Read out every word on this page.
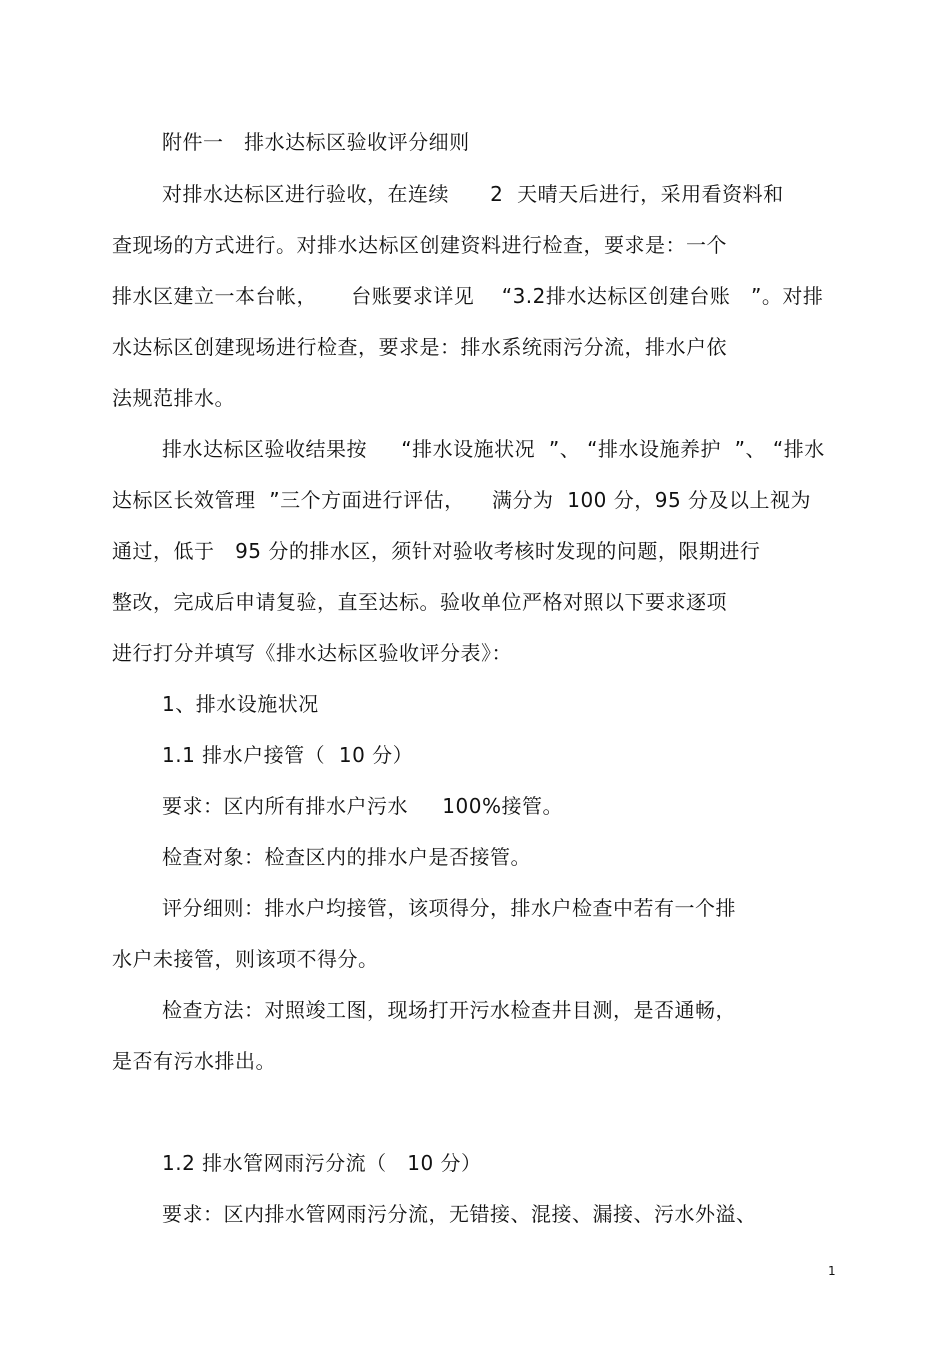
附件一   排水达标区验收评分细则
对排水达标区进行验收，在连续      2  天晴天后进行，采用看资料和
查现场的方式进行。对排水达标区创建资料进行检查，要求是：一个
排水区建立一本台帐，     台账要求详见    “3.2排水达标区创建台账   ”。对排
水达标区创建现场进行检查，要求是：排水系统雨污分流，排水户依
法规范排水。
排水达标区验收结果按     “排水设施状况  ”、 “排水设施养护  ”、 “排水
达标区长效管理  ”三个方面进行评估，    满分为  100 分，95 分及以上视为
通过，低于   95 分的排水区，须针对验收考核时发现的问题，限期进行
整改，完成后申请复验，直至达标。验收单位严格对照以下要求逐项
进行打分并填写《排水达标区验收评分表》：
1、排水设施状况
1.1 排水户接管（  10 分）
要求：区内所有排水户污水     100%接管。
检查对象：检查区内的排水户是否接管。
评分细则：排水户均接管，该项得分，排水户检查中若有一个排
水户未接管，则该项不得分。
检查方法：对照竣工图，现场打开污水检查井目测，是否通畅，
是否有污水排出。
1.2 排水管网雨污分流（   10 分）
要求：区内排水管网雨污分流，无错接、混接、漏接、污水外溢、
1
